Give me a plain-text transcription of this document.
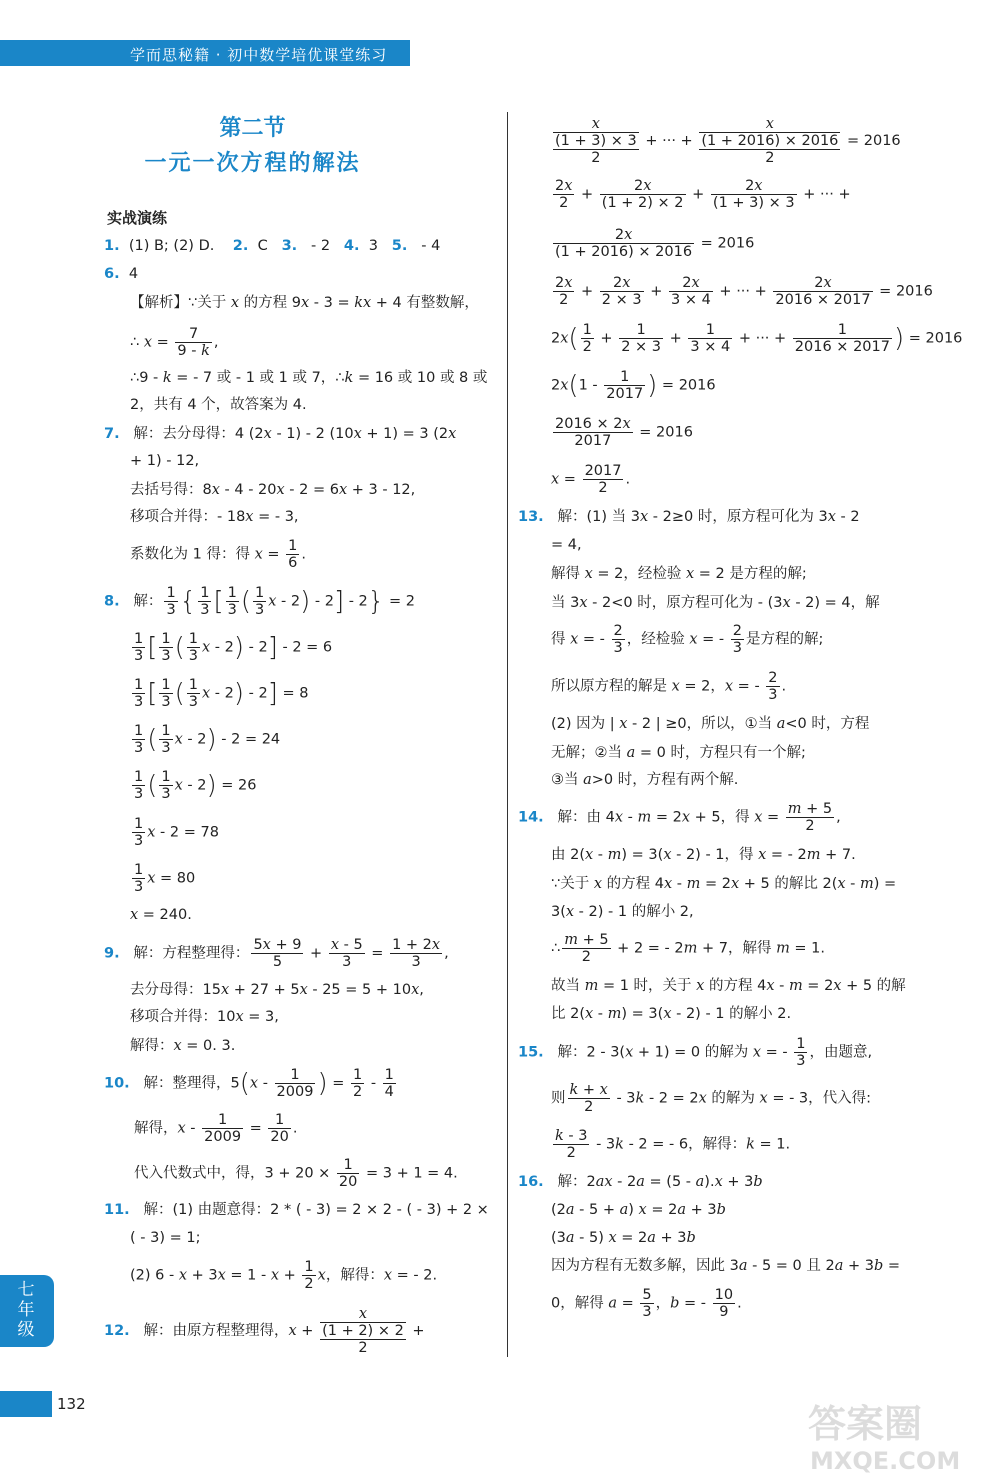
学而思秘籍 · 初中数学培优课堂练习
第二节
一元一次方程的解法
实战演练
1.  (1) B; (2) D.    2.  C   3.   - 2   4.  3   5.   - 4
6.  4
【解析】∵关于 x 的方程 9x - 3 = kx + 4 有整数解，
∴ $x = \frac{7}{9 - k}$ ,
∴9 - k = - 7 或 - 1 或 1 或 7，∴k = 16 或 10 或 8 或
2，共有 4 个，故答案为 4.
7.   解：去分母得：4 (2x - 1) - 2 (10x + 1) = 3 (2x
+ 1) - 12,
去括号得：8x - 4 - 20x - 2 = 6x + 3 - 12,
移项合并得：- 18x = - 3,
系数化为 1 得：得 $x = \frac{1}{6}$ .
8.   解： $\frac{1}{3}$ { $\frac{1}{3}$ [ $\frac{1}{3}$ ( $\frac{1}{3}$ x - 2) - 2] - 2} = 2
$\frac{1}{3}$ [ $\frac{1}{3}$ ( $\frac{1}{3}$ x - 2) - 2] - 2 = 6
$\frac{1}{3}$ [ $\frac{1}{3}$ ( $\frac{1}{3}$ x - 2) - 2] = 8
$\frac{1}{3}$ ( $\frac{1}{3}$ x - 2) - 2 = 24
$\frac{1}{3}$ ( $\frac{1}{3}$ x - 2) = 26
$\frac{1}{3}$ x - 2 = 78
$\frac{1}{3}$ x = 80
x = 240.
9.   解：方程整理得： $\frac{5x + 9}{5} + \frac{x - 5}{3} = \frac{1 + 2x}{3}$ ,
去分母得：15x + 27 + 5x - 25 = 5 + 10x,
移项合并得：10x = 3,
解得：x = 0. 3.
10.   解：整理得，$5(x - \frac{1}{2009}$ ) = $\frac{1}{2} - \frac{1}{4}$
解得，$x - \frac{1}{2009} = \frac{1}{20}$ .
代入代数式中，得，$3 + 20 \times \frac{1}{20} = 3 + 1 = 4$.
11.   解：(1) 由题意得：2 * ( - 3) = 2 × 2 - ( - 3) + 2 ×
( - 3) = 1;
(2) $6 - x + 3x = 1 - x + \frac{1}{2}$ x，解得：x = - 2.
12.   解：由原方程整理得，x +
x
(1 + 2) × 2
2
+
x
(1 + 3) × 3
2
+ ··· +
x
(1 + 2016) × 2016
2
= 2016
$\frac{2x}{2} + \frac{2x}{(1 + 2) \times 2} + \frac{2x}{(1 + 3) \times 3}$ + ··· +
$\frac{2x}{(1 + 2016) \times 2016} = 2016$
$\frac{2x}{2} + \frac{2x}{2 \times 3} + \frac{2x}{3 \times 4}$ + ··· + $\frac{2x}{2016 \times 2017} = 2016$
$2x( \frac{1}{2} + \frac{1}{2 \times 3} + \frac{1}{3 \times 4}$ + ··· + $\frac{1}{2016 \times 2017}$ ) = 2016
$2x(1 - \frac{1}{2017}$ ) = 2016
$\frac{2016 \times 2x}{2017} = 2016$
$x = \frac{2017}{2}$ .
13.   解：(1) 当 3x - 2≥0 时，原方程可化为 3x - 2
= 4,
解得 x = 2，经检验 x = 2 是方程的解;
当 3x - 2<0 时，原方程可化为 - (3x - 2) = 4，解
得 x = - $\frac{2}{3}$ ，经检验 x = - $\frac{2}{3}$ 是方程的解;
所以原方程的解是 x = 2，x = - $\frac{2}{3}$ .
(2) 因为 | x - 2 | ≥0，所以，①当 a<0 时，方程
无解；②当 a = 0 时，方程只有一个解;
③当 a>0 时，方程有两个解.
14.   解：由 4x - m = 2x + 5，得 $x = \frac{m + 5}{2}$ ,
由 2(x - m) = 3(x - 2) - 1，得 x = - 2m + 7.
∵关于 x 的方程 4x - m = 2x + 5 的解比 2(x - m) =
3(x - 2) - 1 的解小 2,
∴ $\frac{m + 5}{2} + 2$ = - 2m + 7，解得 m = 1.
故当 m = 1 时，关于 x 的方程 4x - m = 2x + 5 的解
比 2(x - m) = 3(x - 2) - 1 的解小 2.
15.   解：2 - 3(x + 1) = 0 的解为 x = - $\frac{1}{3}$ ，由题意,
则 $\frac{k + x}{2} - 3k - 2 = 2x$ 的解为 x = - 3，代入得:
$\frac{k - 3}{2} - 3k - 2$ = - 6，解得：k = 1.
16.   解：2ax - 2a = (5 - a).x + 3b
(2a - 5 + a) x = 2a + 3b
(3a - 5) x = 2a + 3b
因为方程有无数多解，因此 3a - 5 = 0 且 2a + 3b =
0，解得 $a = \frac{5}{3}$ ，b = - $\frac{10}{9}$ .
七
年
级
132	答案圈
MXQE.COM
